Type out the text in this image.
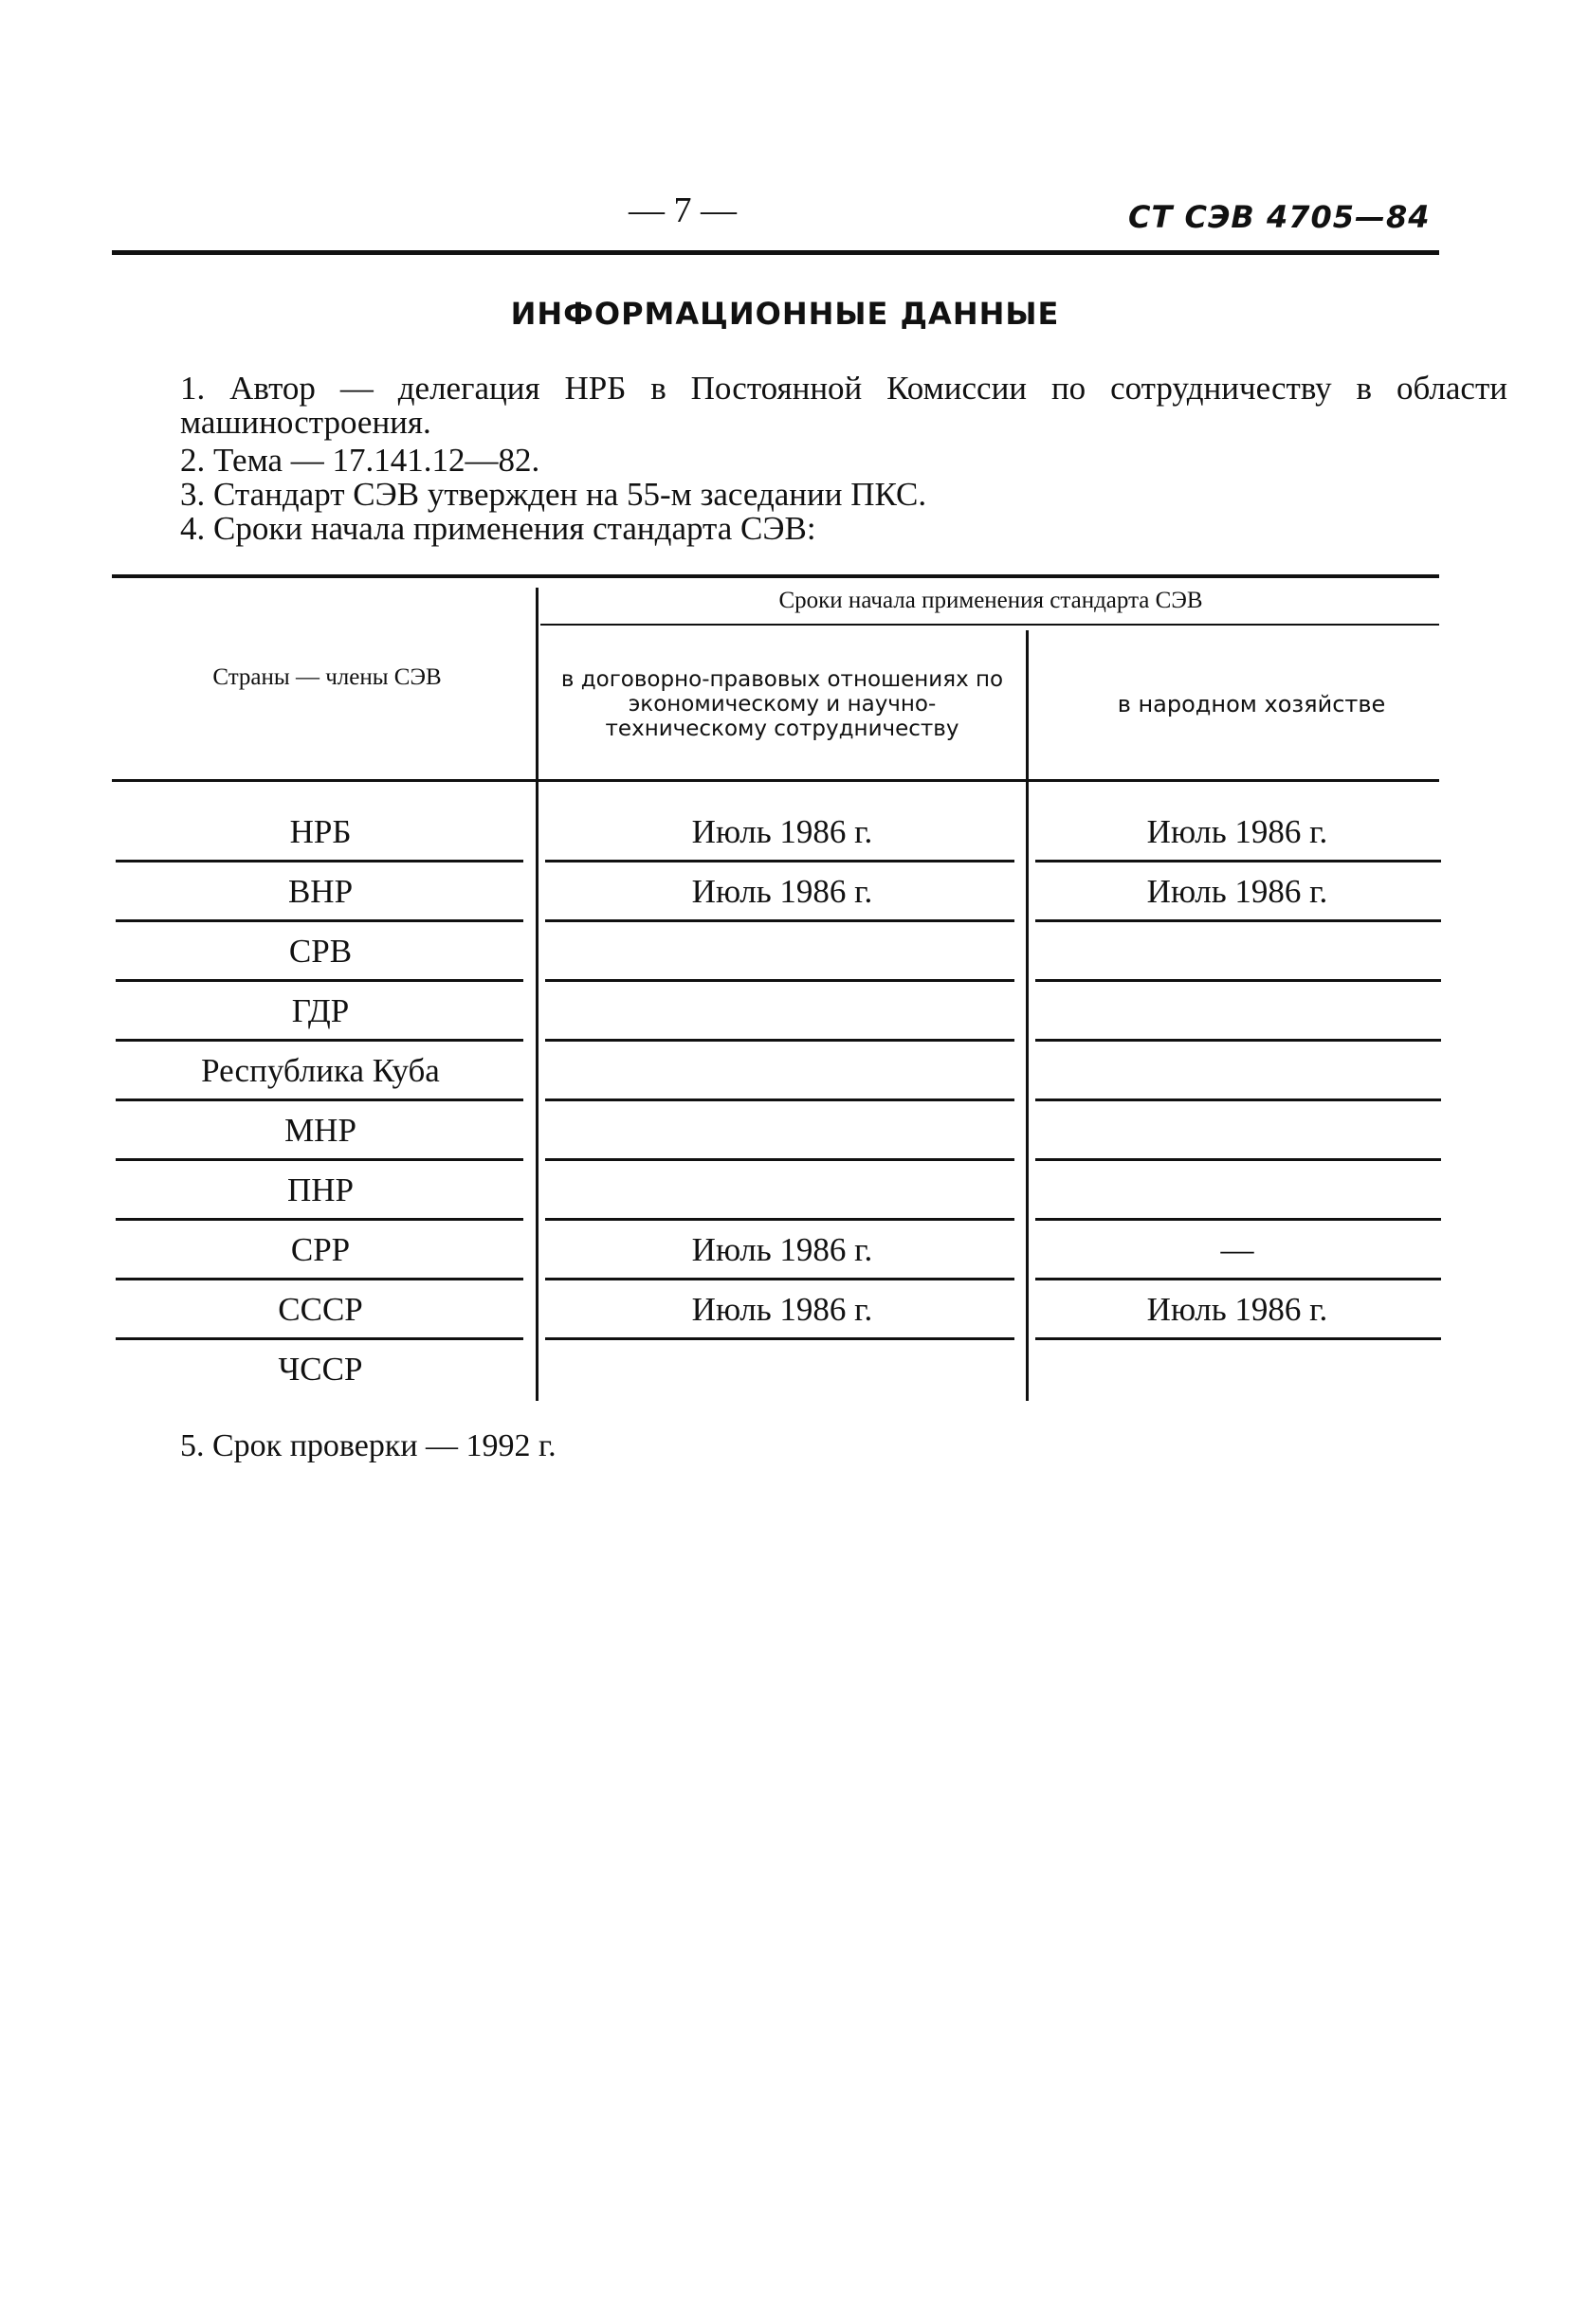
— 7 —	СТ СЭВ 4705—84
ИНФОРМАЦИОННЫЕ ДАННЫЕ
1. Автор — делегация НРБ в Постоянной Комиссии по сотрудничеству в области машиностроения.
2. Тема — 17.141.12—82.
3. Стандарт СЭВ утвержден на 55-м заседании ПКС.
4. Сроки начала применения стандарта СЭВ:
Страны — члены СЭВ
Сроки начала применения стандарта СЭВ
в договорно-правовых отношениях по экономическому и научно-техническому сотрудничеству
в народном хозяйстве
НРБ	Июль 1986 г.	Июль 1986 г.
ВНР	Июль 1986 г.	Июль 1986 г.
СРВ
ГДР
Республика Куба
МНР
ПНР
СРР	Июль 1986 г.	—
СССР	Июль 1986 г.	Июль 1986 г.
ЧССР
5. Срок проверки — 1992 г.
